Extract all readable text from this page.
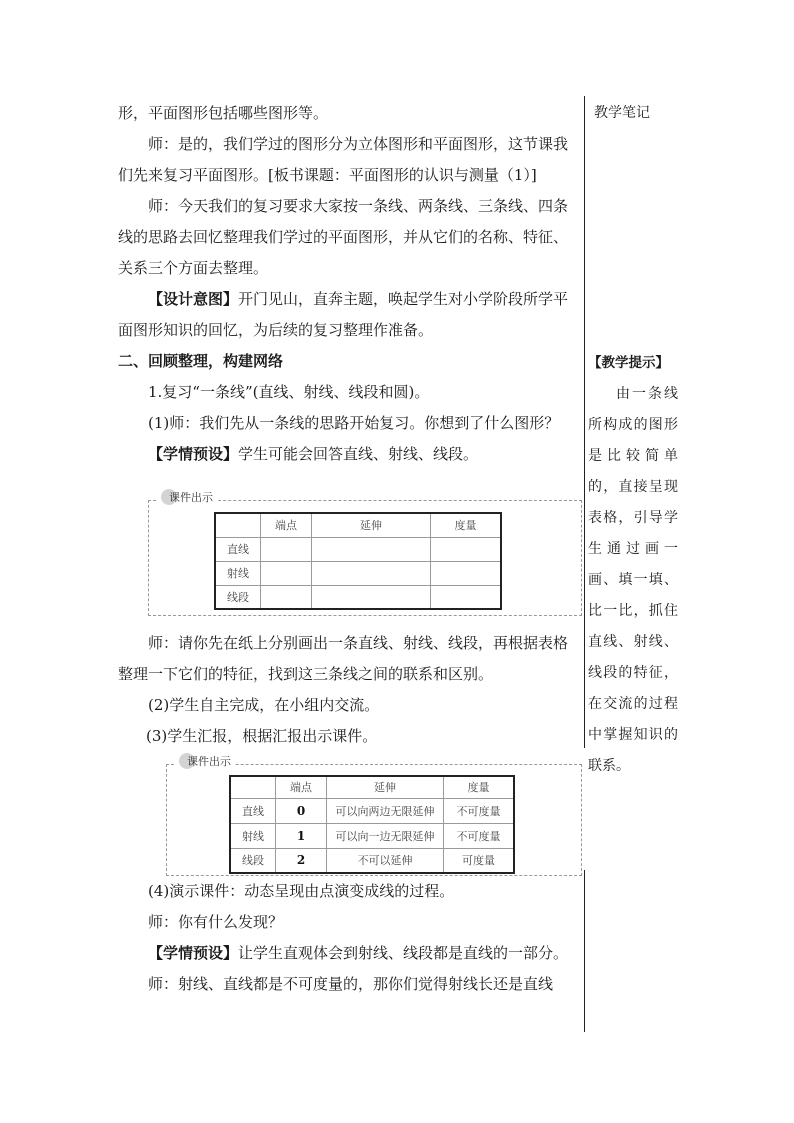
教学笔记
【教学提示】
由一条线所构成的图形是比较简单的，直接呈现表格，引导学生通过画一画、填一填、比一比，抓住直线、射线、线段的特征，在交流的过程中掌握知识的联系。

形，平面图形包括哪些图形等。

师：是的，我们学过的图形分为立体图形和平面图形，这节课我们先来复习平面图形。[板书课题：平面图形的认识与测量（1）]

师：今天我们的复习要求大家按一条线、两条线、三条线、四条线的思路去回忆整理我们学过的平面图形，并从它们的名称、特征、关系三个方面去整理。

【设计意图】开门见山，直奔主题，唤起学生对小学阶段所学平面图形知识的回忆，为后续的复习整理作准备。

二、回顾整理，构建网络

1.复习“一条线”(直线、射线、线段和圆)。

(1)师：我们先从一条线的思路开始复习。你想到了什么图形？

【学情预设】学生可能会回答直线、射线、线段。

课件出示
	端点	延伸	度量
直线			
射线			
线段			

师：请你先在纸上分别画出一条直线、射线、线段，再根据表格整理一下它们的特征，找到这三条线之间的联系和区别。

(2)学生自主完成，在小组内交流。

(3)学生汇报，根据汇报出示课件。

课件出示
	端点	延伸	度量
直线	0	可以向两边无限延伸	不可度量
射线	1	可以向一边无限延伸	不可度量
线段	2	不可以延伸	可度量

(4)演示课件：动态呈现由点演变成线的过程。

师：你有什么发现？

【学情预设】让学生直观体会到射线、线段都是直线的一部分。

师：射线、直线都是不可度量的，那你们觉得射线长还是直线
